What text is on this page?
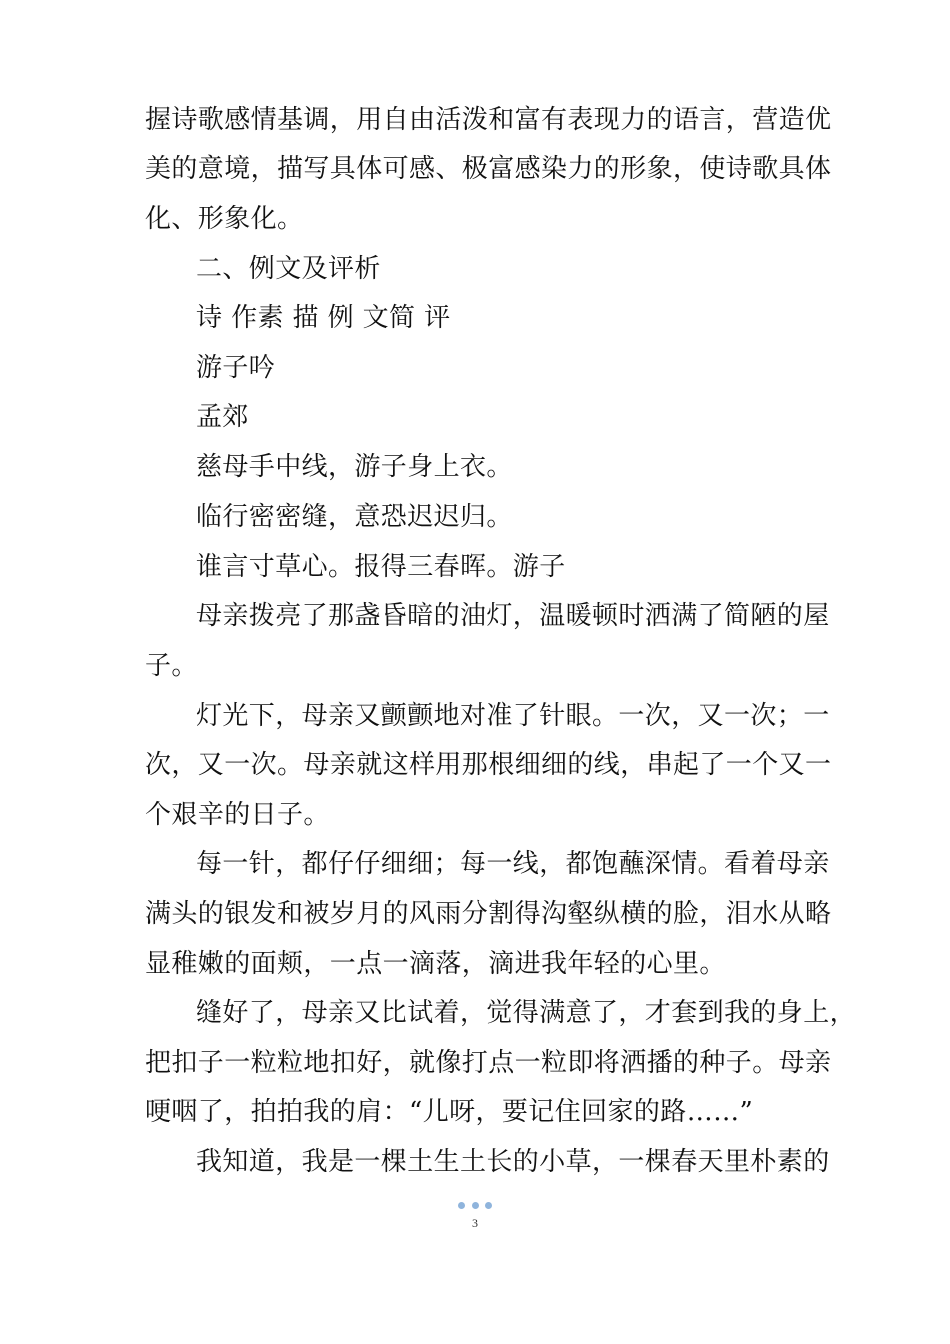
握诗歌感情基调，用自由活泼和富有表现力的语言，营造优
美的意境，描写具体可感、极富感染力的形象，使诗歌具体
化、形象化。
二、例文及评析
诗 作素 描 例 文简 评
游子吟
孟郊
慈母手中线，游子身上衣。
临行密密缝，意恐迟迟归。
谁言寸草心。报得三春晖。游子
母亲拨亮了那盏昏暗的油灯，温暖顿时洒满了简陋的屋
子。
灯光下，母亲又颤颤地对准了针眼。一次，又一次；一
次，又一次。母亲就这样用那根细细的线，串起了一个又一
个艰辛的日子。
每一针，都仔仔细细；每一线，都饱蘸深情。看着母亲
满头的银发和被岁月的风雨分割得沟壑纵横的脸，泪水从略
显稚嫩的面颊，一点一滴落，滴进我年轻的心里。
缝好了，母亲又比试着，觉得满意了，才套到我的身上，
把扣子一粒粒地扣好，就像打点一粒即将洒播的种子。母亲
哽咽了，拍拍我的肩：“儿呀，要记住回家的路……”
我知道，我是一棵土生土长的小草，一棵春天里朴素的
3
